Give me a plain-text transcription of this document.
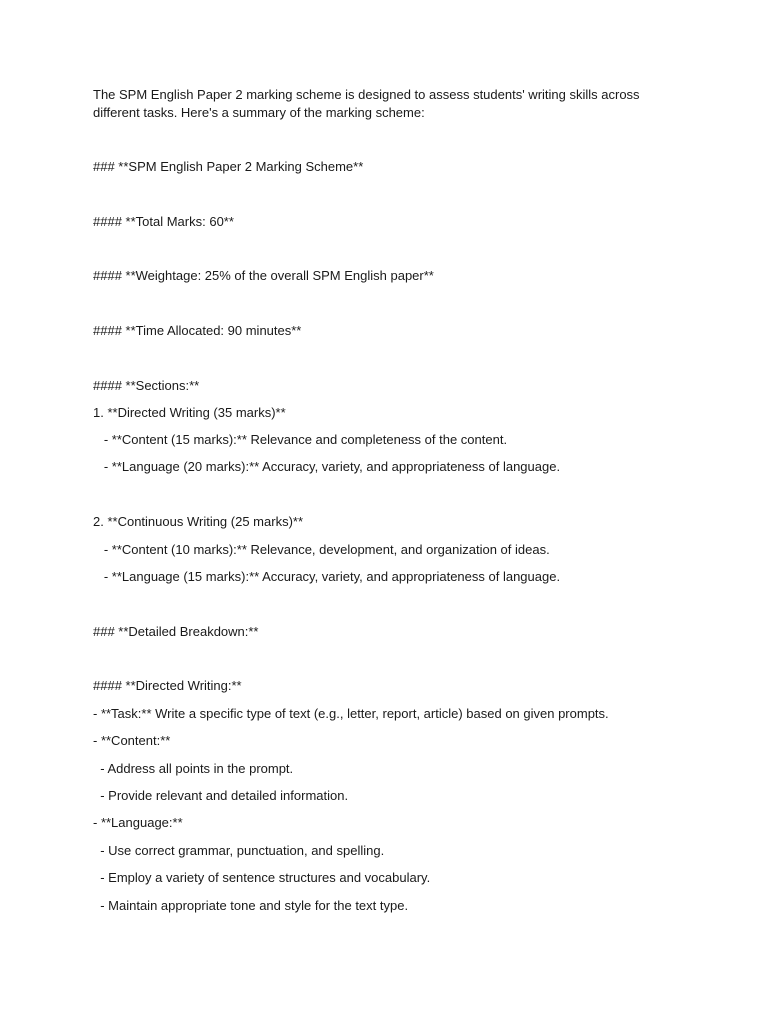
The SPM English Paper 2 marking scheme is designed to assess students' writing skills across different tasks. Here's a summary of the marking scheme:

### **SPM English Paper 2 Marking Scheme**

#### **Total Marks: 60**

#### **Weightage: 25% of the overall SPM English paper**

#### **Time Allocated: 90 minutes**

#### **Sections:**

1. **Directed Writing (35 marks)**

- **Content (15 marks):** Relevance and completeness of the content.

- **Language (20 marks):** Accuracy, variety, and appropriateness of language.

2. **Continuous Writing (25 marks)**

- **Content (10 marks):** Relevance, development, and organization of ideas.

- **Language (15 marks):** Accuracy, variety, and appropriateness of language.

### **Detailed Breakdown:**

#### **Directed Writing:**

- **Task:** Write a specific type of text (e.g., letter, report, article) based on given prompts.

- **Content:**

- Address all points in the prompt.

- Provide relevant and detailed information.

- **Language:**

- Use correct grammar, punctuation, and spelling.

- Employ a variety of sentence structures and vocabulary.

- Maintain appropriate tone and style for the text type.
